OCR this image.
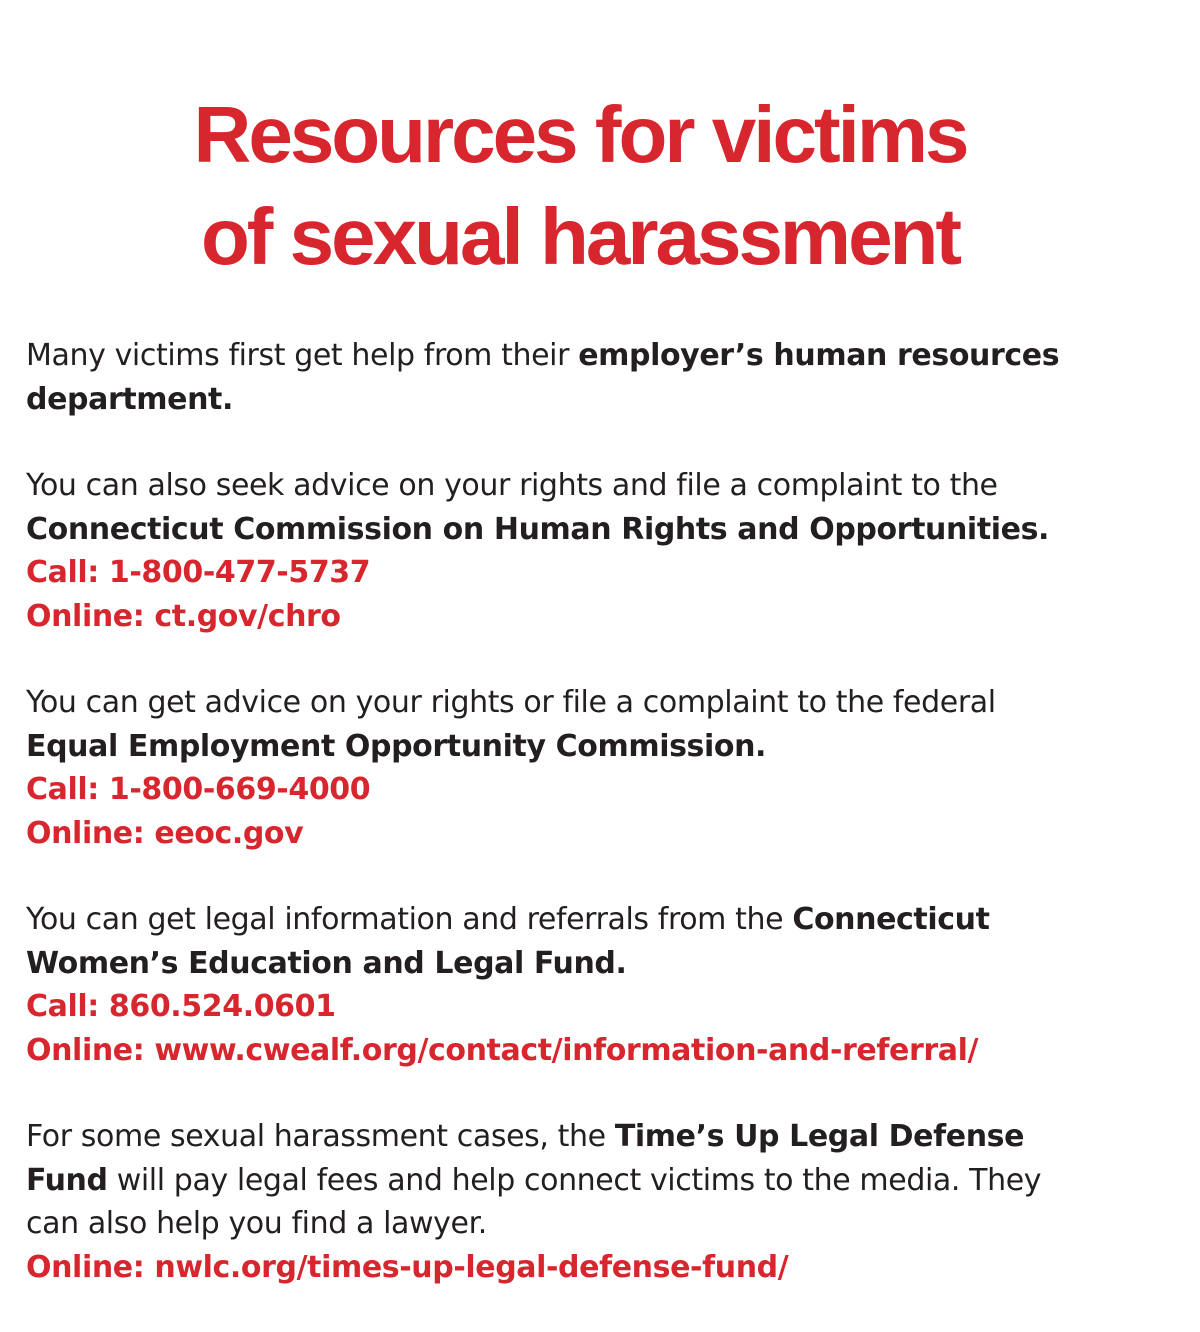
Resources for victims
of sexual harassment
Many victims first get help from their employer’s human resources
department.
You can also seek advice on your rights and file a complaint to the
Connecticut Commission on Human Rights and Opportunities.
Call: 1-800-477-5737
Online: ct.gov/chro
You can get advice on your rights or file a complaint to the federal
Equal Employment Opportunity Commission.
Call: 1-800-669-4000
Online: eeoc.gov
You can get legal information and referrals from the Connecticut
Women’s Education and Legal Fund.
Call: 860.524.0601
Online: www.cwealf.org/contact/information-and-referral/
For some sexual harassment cases, the Time’s Up Legal Defense
Fund will pay legal fees and help connect victims to the media. They
can also help you find a lawyer.
Online: nwlc.org/times-up-legal-defense-fund/
